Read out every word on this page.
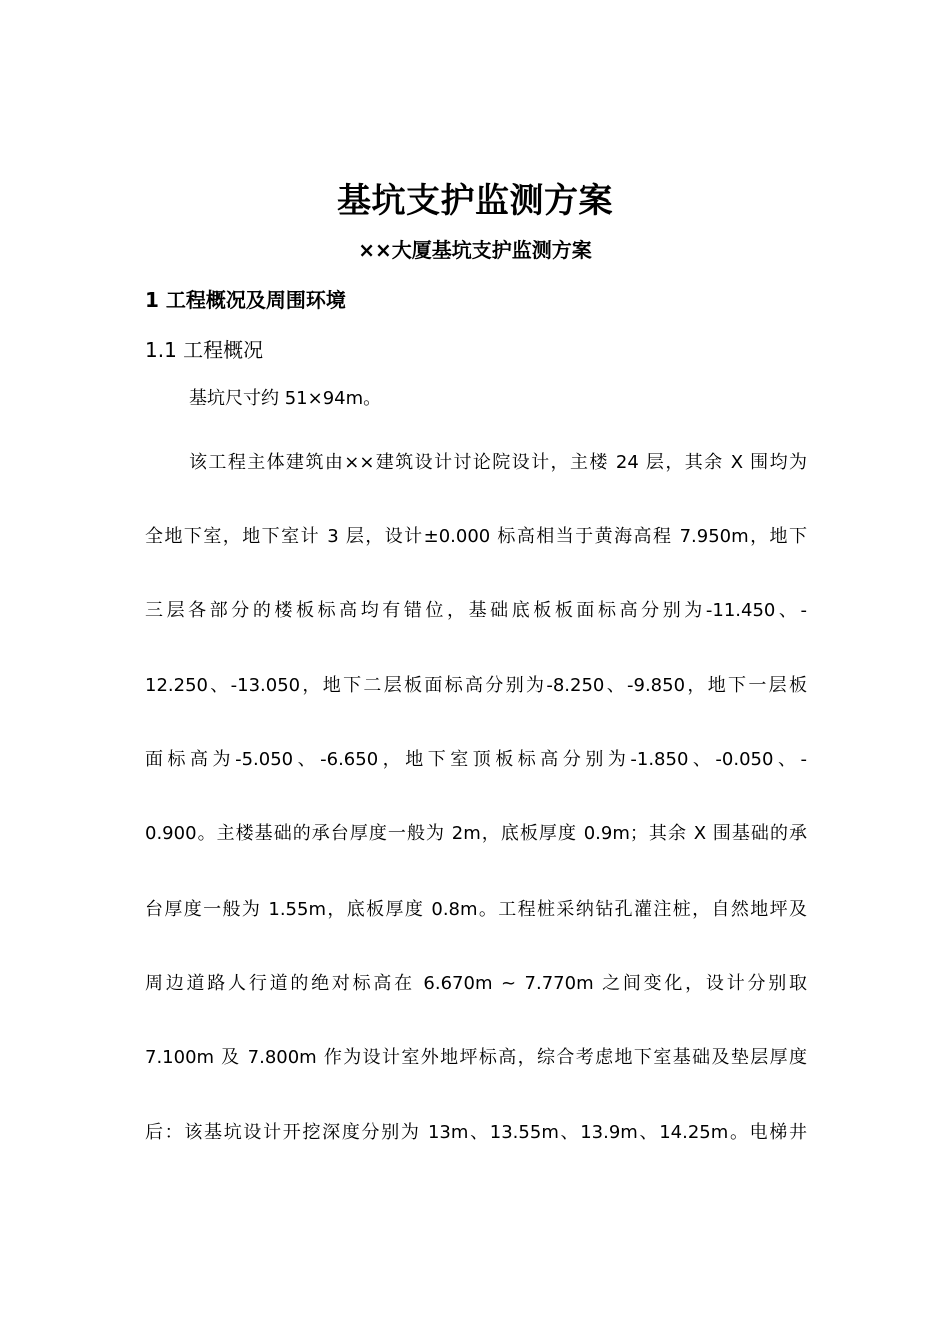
基坑支护监测方案
××大厦基坑支护监测方案
1 工程概况及周围环境
1.1 工程概况
基坑尺寸约 51×94m。
该工程主体建筑由××建筑设计讨论院设计，主楼 24 层，其余 X 围均为
全地下室，地下室计 3 层，设计±0.000 标高相当于黄海高程 7.950m，地下
三层各部分的楼板标高均有错位，基础底板板面标高分别为-11.450、-
12.250、-13.050，地下二层板面标高分别为-8.250、-9.850，地下一层板
面标高为-5.050、-6.650，地下室顶板标高分别为-1.850、-0.050、-
0.900。主楼基础的承台厚度一般为 2m，底板厚度 0.9m；其余 X 围基础的承
台厚度一般为 1.55m，底板厚度 0.8m。工程桩采纳钻孔灌注桩，自然地坪及
周边道路人行道的绝对标高在 6.670m ~ 7.770m 之间变化，设计分别取
7.100m 及 7.800m 作为设计室外地坪标高，综合考虑地下室基础及垫层厚度
后：该基坑设计开挖深度分别为 13m、13.55m、13.9m、14.25m。电梯井
